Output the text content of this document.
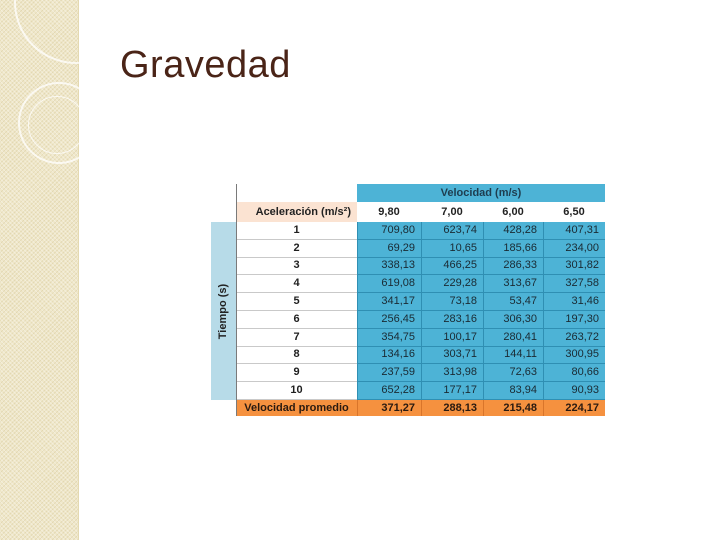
Gravedad
Velocidad (m/s)
Aceleración (m/s²)	9,80	7,00	6,00	6,50
Tiempo (s)
1	709,80	623,74	428,28	407,31
2	69,29	10,65	185,66	234,00
3	338,13	466,25	286,33	301,82
4	619,08	229,28	313,67	327,58
5	341,17	73,18	53,47	31,46
6	256,45	283,16	306,30	197,30
7	354,75	100,17	280,41	263,72
8	134,16	303,71	144,11	300,95
9	237,59	313,98	72,63	80,66
10	652,28	177,17	83,94	90,93
Velocidad promedio	371,27	288,13	215,48	224,17
